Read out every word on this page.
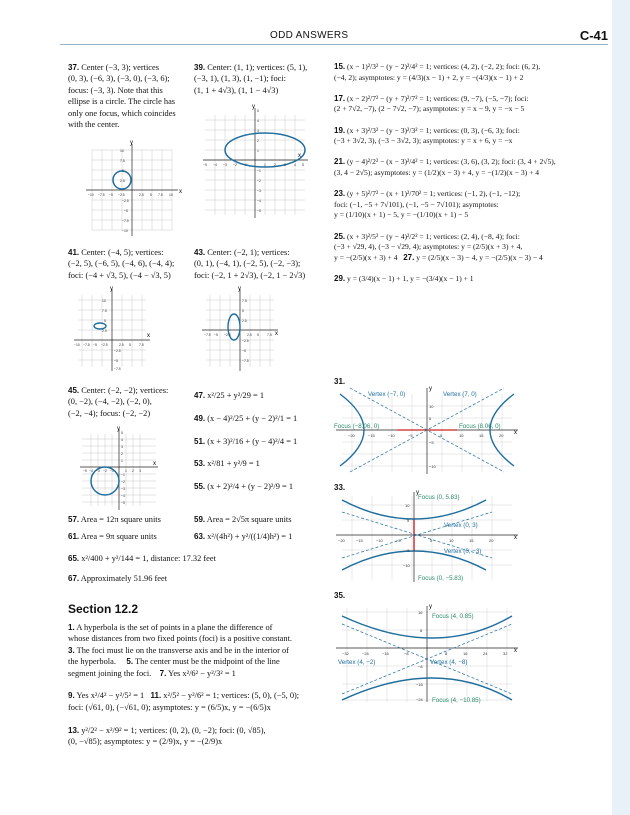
ODD ANSWERS	C-41
37. Center (−3, 3); vertices
(0, 3), (−6, 3), (−3, 0), (−3, 6);
focus: (−3, 3). Note that this
ellipse is a circle. The circle has
only one focus, which coincides
with the center.
39. Center: (1, 1); vertices: (5, 1),
(−3, 1), (1, 3), (1, −1); foci:
(1, 1 + 4√3), (1, 1 − 4√3)
x
y
10
7.5
5
2.5
−10 −7.5 −5 −2.5	2.5 5 7.5 10
−2.5
−5
−7.5
−10
x
y
5
4
3
2
1
−5 −4 −3 −2 −1	1 2 3 4 5
−1
−2
−3
−4
−5
41. Center: (−4, 5); vertices:
(−2, 5), (−6, 5), (−4, 6), (−4, 4);
foci: (−4 + √3, 5), (−4 − √3, 5)
43. Center: (−2, 1); vertices:
(0, 1), (−4, 1), (−2, 5), (−2, −3);
foci: (−2, 1 + 2√3), (−2, 1 − 2√3)
x
y
10
7.5
5
2.5
−10 −7.5 −5 −2.5	2.5 5 7.5
−2.5
−5
−7.5
x
y
7.5
5
2.5
−7.5 −5 −2.5	2.5 5 7.5
−2.5
−5
−7.5
45. Center: (−2, −2); vertices:
(0, −2), (−4, −2), (−2, 0),
(−2, −4); focus: (−2, −2)
x
y
5
4
3
2
1
−5 −4 −3 −2 −1	1 2 3
−1
−2
−3
−4
−5
47. x²/25 + y²/29 = 1

49. (x − 4)²/25 + (y − 2)²/1 = 1

51. (x + 3)²/16 + (y − 4)²/4 = 1

53. x²/81 + y²/9 = 1

55. (x + 2)²/4 + (y − 2)²/9 = 1
57. Area = 12π square units	59. Area = 2√5π square units
61. Area = 9π square units	63. x²/(4h²) + y²/((1/4)h²) = 1
65. x²/400 + y²/144 = 1, distance: 17.32 feet
67. Approximately 51.96 feet
Section 12.2
1. A hyperbola is the set of points in a plane the difference of
whose distances from two fixed points (foci) is a positive constant.
3. The foci must lie on the transverse axis and be in the interior of
the hyperbola. 5. The center must be the midpoint of the line
segment joining the foci. 7. Yes x²/6² − y²/3² = 1

9. Yes x²/4² − y²/5² = 1 11. x²/5² − y²/6² = 1; vertices: (5, 0), (−5, 0);
foci: (√61, 0), (−√61, 0); asymptotes: y = (6/5)x, y = −(6/5)x

13. y²/2² − x²/9² = 1; vertices: (0, 2), (0, −2); foci: (0, √85),
(0, −√85); asymptotes: y = (2/9)x, y = −(2/9)x
15. (x − 1)²/3² − (y − 2)²/4² = 1; vertices: (4, 2), (−2, 2); foci: (6, 2),
(−4, 2); asymptotes: y = (4/3)(x − 1) + 2, y = −(4/3)(x − 1) + 2

17. (x − 2)²/7² − (y + 7)²/7² = 1; vertices: (9, −7), (−5, −7); foci:
(2 + 7√2, −7), (2 − 7√2, −7); asymptotes: y = x − 9, y = −x − 5

19. (x + 3)²/3² − (y − 3)²/3² = 1; vertices: (0, 3), (−6, 3); foci:
(−3 + 3√2, 3), (−3 − 3√2, 3); asymptotes: y = x + 6, y = −x

21. (y − 4)²/2² − (x − 3)²/4² = 1; vertices: (3, 6), (3, 2); foci: (3, 4 + 2√5),
(3, 4 − 2√5); asymptotes: y = (1/2)(x − 3) + 4, y = −(1/2)(x − 3) + 4

23. (y + 5)²/7² − (x + 1)²/70² = 1; vertices: (−1, 2), (−1, −12);
foci: (−1, −5 + 7√101), (−1, −5 − 7√101); asymptotes:
y = (1/10)(x + 1) − 5, y = −(1/10)(x + 1) − 5

25. (x + 3)²/5² − (y − 4)²/2² = 1; vertices: (2, 4), (−8, 4); foci:
(−3 + √29, 4), (−3 − √29, 4); asymptotes: y = (2/5)(x + 3) + 4,
y = −(2/5)(x + 3) + 4 27. y = (2/5)(x − 3) − 4, y = −(2/5)(x − 3) − 4

29. y = (3/4)(x − 1) + 1, y = −(3/4)(x − 1) + 1
31.
x
y
10
5
−5
−10
−20	−15	−10	−5	5	10	15	20
Vertex (−7, 0)	Vertex (7, 0)
Focus (−8.06, 0)	Focus (8.06, 0)
33.
x
y
10
5
−5
−10
−20	−15	−10	−5	5	10	15	20
Focus (0, 5.83)
Vertex (0, 3)
Vertex (0, −3)
Focus (0, −5.83)
35.
x
y
16
8
−8
−16
−24
−32	−24	−16	−8	8	16	24	32
Focus (4, 0.85)
Vertex (4, −2)	Vertex (4, −8)
Focus (4, −10.85)
